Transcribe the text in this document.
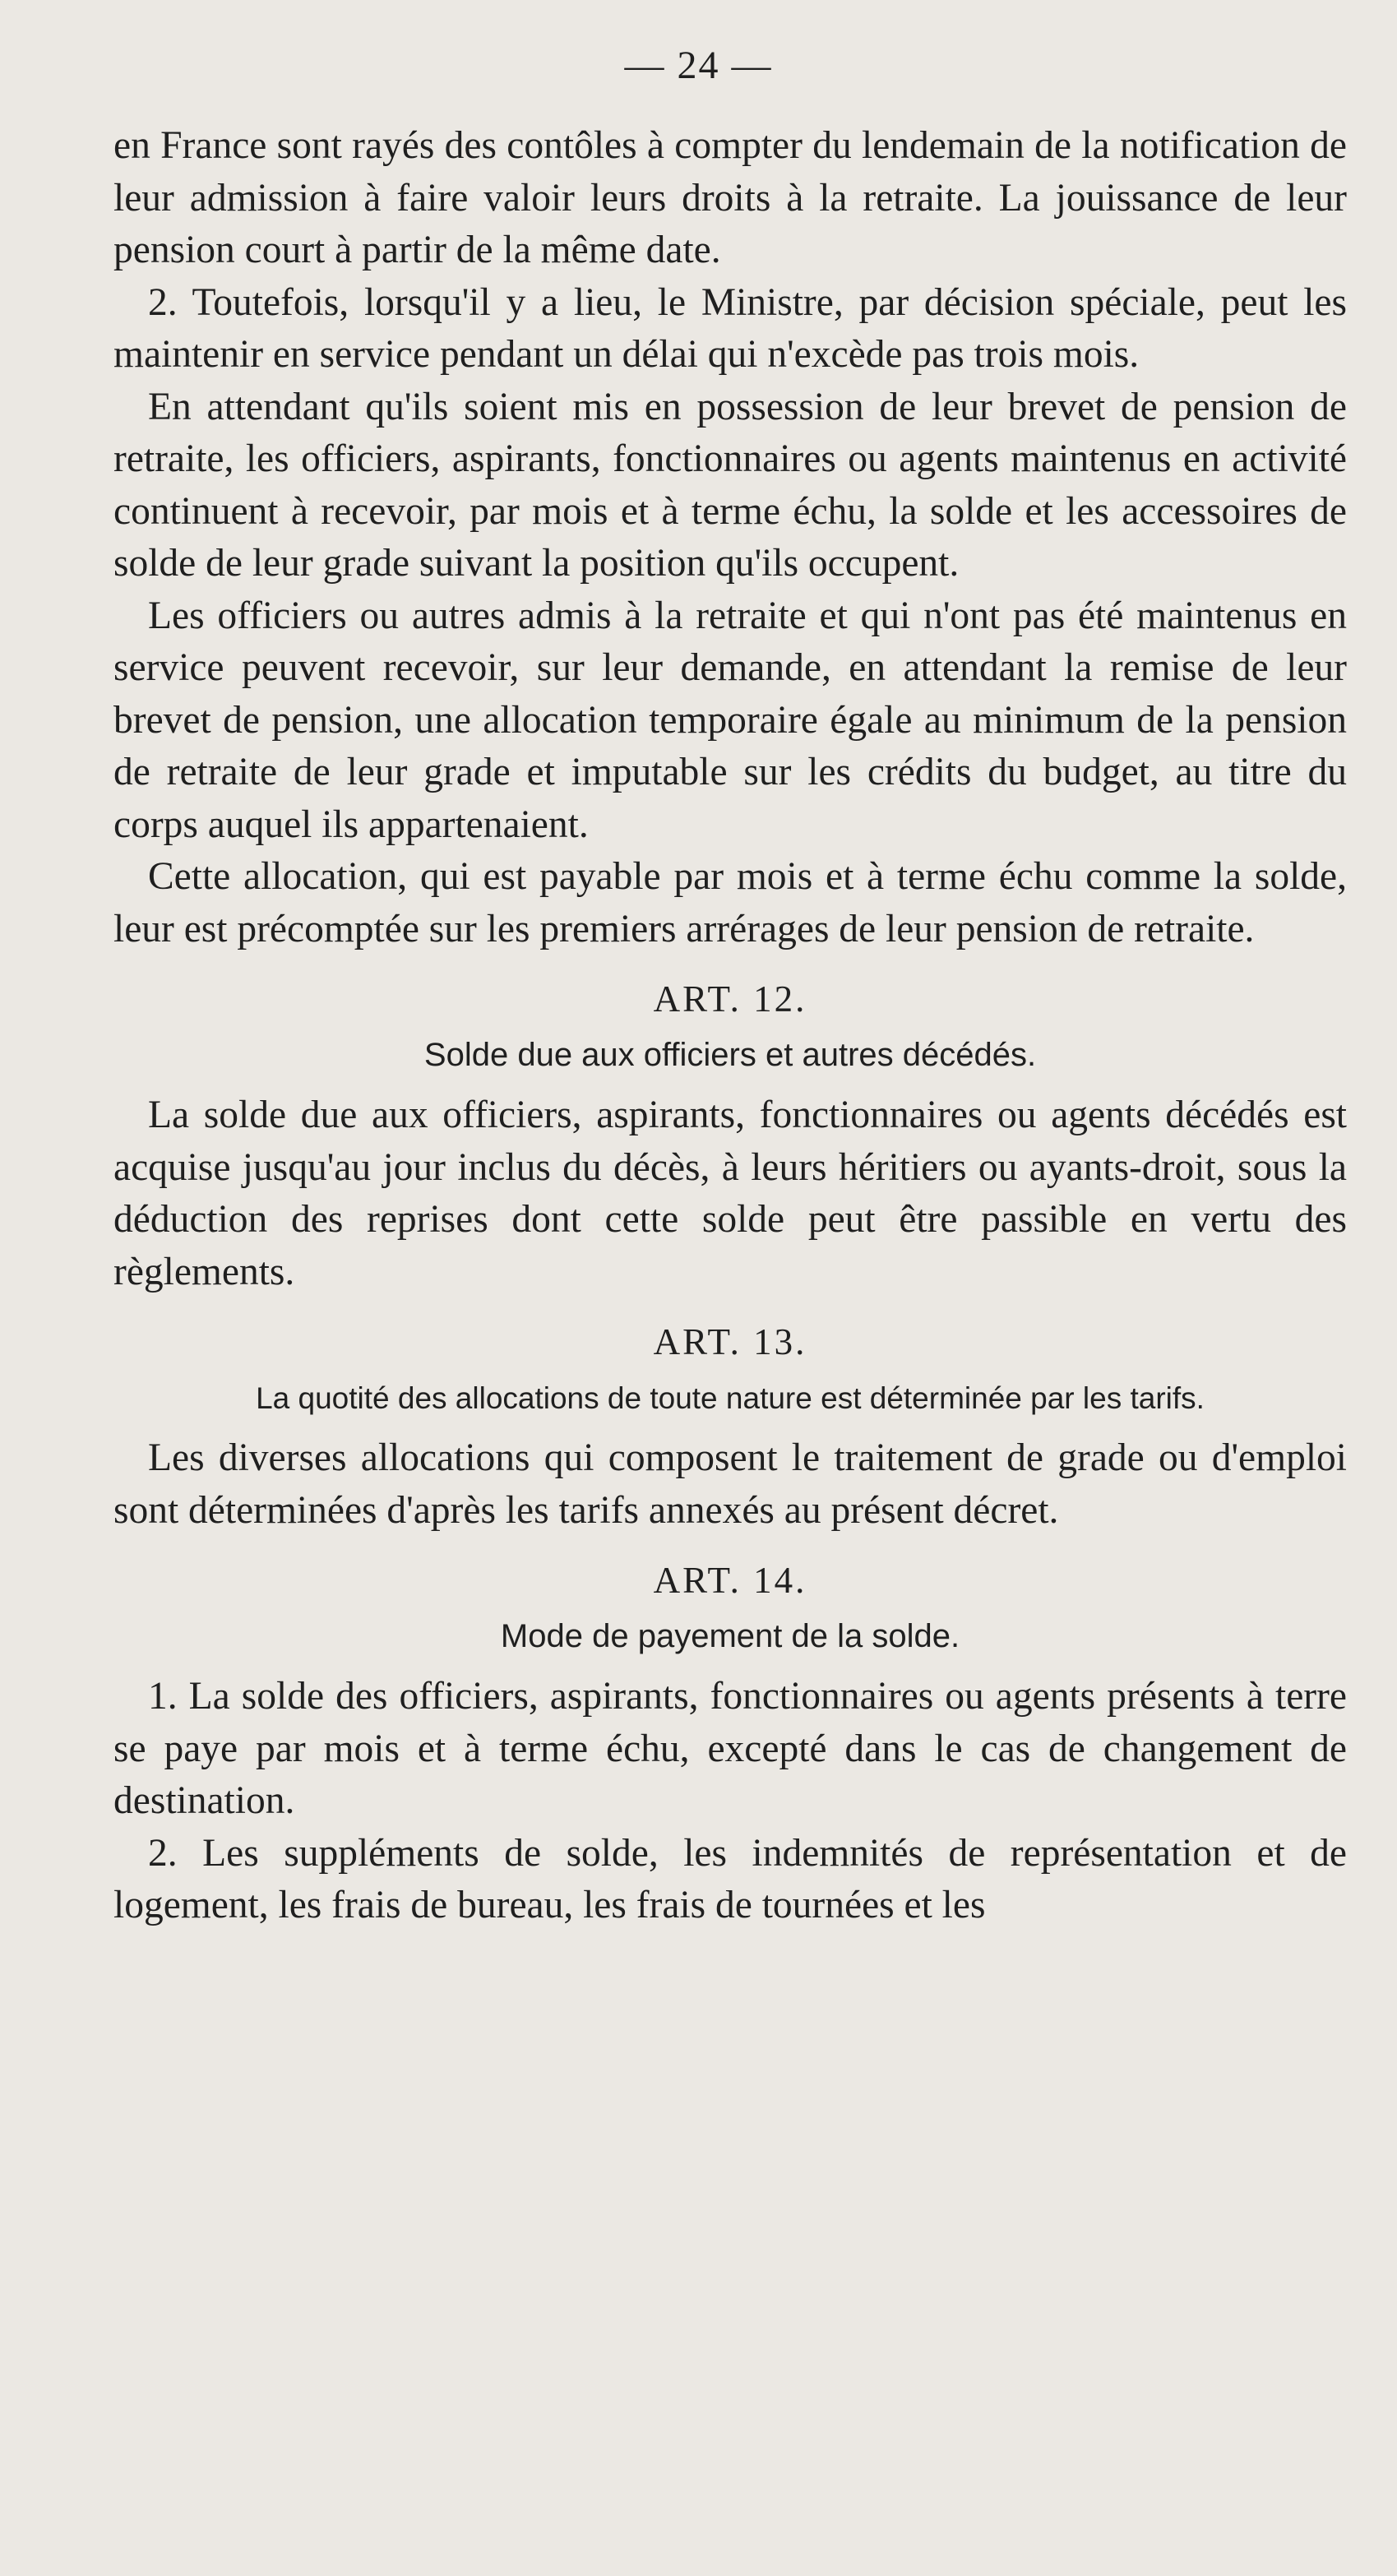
— 24 —

en France sont rayés des contôles à compter du lendemain de la notification de leur admission à faire valoir leurs droits à la retraite. La jouissance de leur pension court à partir de la même date.

2. Toutefois, lorsqu'il y a lieu, le Ministre, par décision spéciale, peut les maintenir en service pendant un délai qui n'excède pas trois mois.

En attendant qu'ils soient mis en possession de leur brevet de pension de retraite, les officiers, aspirants, fonctionnaires ou agents maintenus en activité continuent à recevoir, par mois et à terme échu, la solde et les accessoires de solde de leur grade suivant la position qu'ils occupent.

Les officiers ou autres admis à la retraite et qui n'ont pas été maintenus en service peuvent recevoir, sur leur demande, en attendant la remise de leur brevet de pension, une allocation temporaire égale au minimum de la pension de retraite de leur grade et imputable sur les crédits du budget, au titre du corps auquel ils appartenaient.

Cette allocation, qui est payable par mois et à terme échu comme la solde, leur est précomptée sur les premiers arrérages de leur pension de retraite.

ART. 12.
Solde due aux officiers et autres décédés.

La solde due aux officiers, aspirants, fonctionnaires ou agents décédés est acquise jusqu'au jour inclus du décès, à leurs héritiers ou ayants-droit, sous la déduction des reprises dont cette solde peut être passible en vertu des règlements.

ART. 13.
La quotité des allocations de toute nature est déterminée par les tarifs.

Les diverses allocations qui composent le traitement de grade ou d'emploi sont déterminées d'après les tarifs annexés au présent décret.

ART. 14.
Mode de payement de la solde.

1. La solde des officiers, aspirants, fonctionnaires ou agents présents à terre se paye par mois et à terme échu, excepté dans le cas de changement de destination.

2. Les suppléments de solde, les indemnités de représentation et de logement, les frais de bureau, les frais de tournées et les
